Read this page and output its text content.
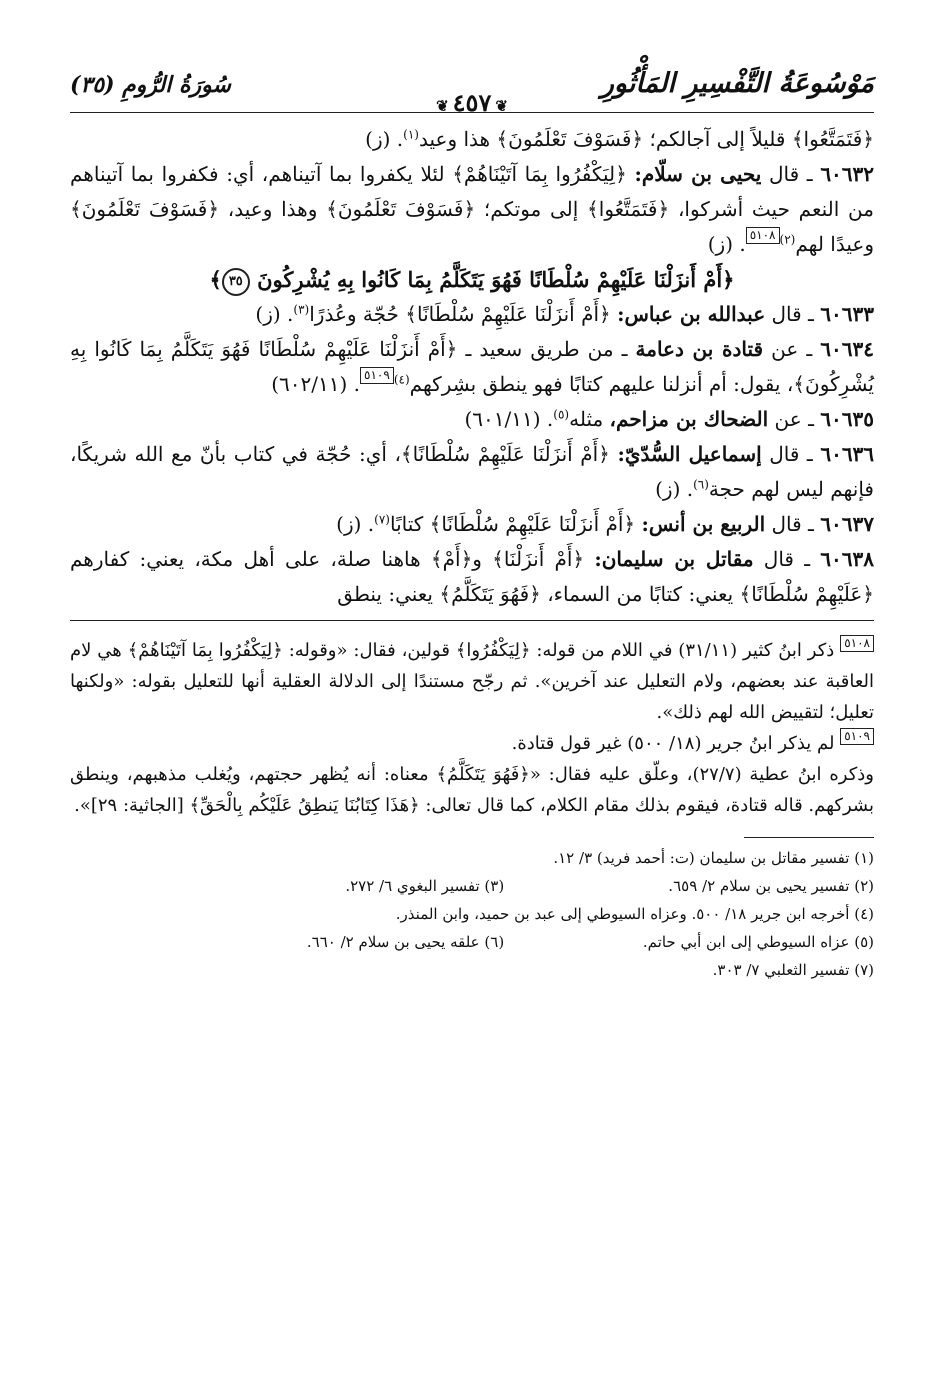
مَوْسُوعَةُ التَّفْسِيرِ المَأْثُورِ
❦٤٥٧❦
سُورَةُ الرُّومِ (٣٥)

﴿فَتَمَتَّعُوا﴾ قليلاً إلى آجالكم؛ ﴿فَسَوْفَ تَعْلَمُونَ﴾ هذا وعيد$^{(١)}$. (ز)

٦٠٦٣٢ ـ قال يحيى بن سلّام: ﴿لِيَكْفُرُوا بِمَا آتَيْنَاهُمْ﴾ لئلا يكفروا بما آتيناهم، أي: فكفروا بما آتيناهم من النعم حيث أشركوا، ﴿فَتَمَتَّعُوا﴾ إلى موتكم؛ ﴿فَسَوْفَ تَعْلَمُونَ﴾ وهذا وعيد، ﴿فَسَوْفَ تَعْلَمُونَ﴾ وعيدًا لهم$^{(٢)}$٥١٠٨. (ز)

﴿أَمْ أَنزَلْنَا عَلَيْهِمْ سُلْطَانًا فَهُوَ يَتَكَلَّمُ بِمَا كَانُوا بِهِ يُشْرِكُونَ ٣٥﴾

٦٠٦٣٣ ـ قال عبدالله بن عباس: ﴿أَمْ أَنزَلْنَا عَلَيْهِمْ سُلْطَانًا﴾ حُجّة وعُذرًا$^{(٣)}$. (ز)

٦٠٦٣٤ ـ عن قتادة بن دعامة ـ من طريق سعيد ـ ﴿أَمْ أَنزَلْنَا عَلَيْهِمْ سُلْطَانًا فَهُوَ يَتَكَلَّمُ بِمَا كَانُوا بِهِ يُشْرِكُونَ﴾، يقول: أم أنزلنا عليهم كتابًا فهو ينطق بشِركهم$^{(٤)}$٥١٠٩. (٦٠٢/١١)

٦٠٦٣٥ ـ عن الضحاك بن مزاحم، مثله$^{(٥)}$. (٦٠١/١١)

٦٠٦٣٦ ـ قال إسماعيل السُّدّيّ: ﴿أَمْ أَنزَلْنَا عَلَيْهِمْ سُلْطَانًا﴾، أي: حُجّة في كتاب بأنّ مع الله شريكًا، فإنهم ليس لهم حجة$^{(٦)}$. (ز)

٦٠٦٣٧ ـ قال الربيع بن أنس: ﴿أَمْ أَنزَلْنَا عَلَيْهِمْ سُلْطَانًا﴾ كتابًا$^{(٧)}$. (ز)

٦٠٦٣٨ ـ قال مقاتل بن سليمان: ﴿أَمْ أَنزَلْنَا﴾ و﴿أَمْ﴾ هاهنا صلة، على أهل مكة، يعني: كفارهم ﴿عَلَيْهِمْ سُلْطَانًا﴾ يعني: كتابًا من السماء، ﴿فَهُوَ يَتَكَلَّمُ﴾ يعني: ينطق

٥١٠٨ ذكر ابنُ كثير (٣١/١١) في اللام من قوله: ﴿لِيَكْفُرُوا﴾ قولين، فقال: «وقوله: ﴿لِيَكْفُرُوا بِمَا آتَيْنَاهُمْ﴾ هي لام العاقبة عند بعضهم، ولام التعليل عند آخرين». ثم رجّح مستندًا إلى الدلالة العقلية أنها للتعليل بقوله: «ولكنها تعليل؛ لتقييض الله لهم ذلك».

٥١٠٩ لم يذكر ابنُ جرير (١٨/ ٥٠٠) غير قول قتادة.

وذكره ابنُ عطية (٢٧/٧)، وعلّق عليه فقال: «﴿فَهُوَ يَتَكَلَّمُ﴾ معناه: أنه يُظهر حجتهم، ويُغلب مذهبهم، وينطق بشركهم. قاله قتادة، فيقوم بذلك مقام الكلام، كما قال تعالى: ﴿هَذَا كِتَابُنَا يَنطِقُ عَلَيْكُم بِالْحَقِّ﴾ [الجاثية: ٢٩]».

(١) تفسير مقاتل بن سليمان (ت: أحمد فريد) ٣/ ١٢.
(٢) تفسير يحيى بن سلام ٢/ ٦٥٩.
(٣) تفسير البغوي ٦/ ٢٧٢.
(٤) أخرجه ابن جرير ١٨/ ٥٠٠. وعزاه السيوطي إلى عبد بن حميد، وابن المنذر.
(٥) عزاه السيوطي إلى ابن أبي حاتم.
(٦) علقه يحيى بن سلام ٢/ ٦٦٠.
(٧) تفسير الثعلبي ٧/ ٣٠٣.
